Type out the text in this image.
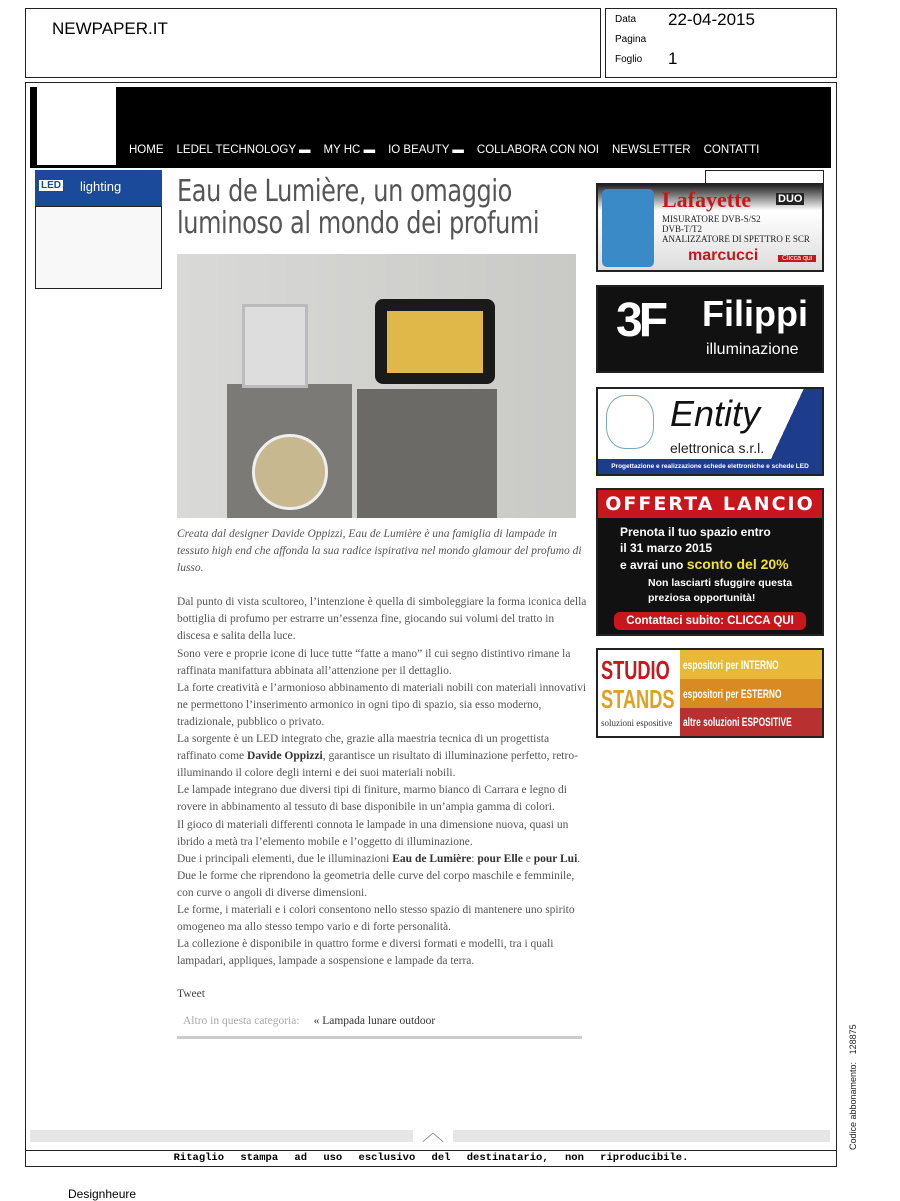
NEWPAPER.IT	Data 22-04-2015
Pagina
Foglio 1
HOME LEDEL TECHNOLOGY ▬ MY HC ▬ IO BEAUTY ▬ COLLABORA CON NOI NEWSLETTER CONTATTI
LED lighting Eau de Lumière, un omaggio luminoso al mondo dei profumi
Creata dal designer Davide Oppizzi, Eau de Lumière è una famiglia di lampade in tessuto high end che affonda la sua radice ispirativa nel mondo glamour del profumo di lusso.
Dal punto di vista scultoreo, l’intenzione è quella di simboleggiare la forma iconica della bottiglia di profumo per estrarre un’essenza fine, giocando sui volumi del tratto in discesa e salita della luce.
Sono vere e proprie icone di luce tutte “fatte a mano” il cui segno distintivo rimane la raffinata manifattura abbinata all’attenzione per il dettaglio.
La forte creatività e l’armonioso abbinamento di materiali nobili con materiali innovativi ne permettono l’inserimento armonico in ogni tipo di spazio, sia esso moderno, tradizionale, pubblico o privato.
La sorgente è un LED integrato che, grazie alla maestria tecnica di un progettista raffinato come Davide Oppizzi, garantisce un risultato di illuminazione perfetto, retro-illuminando il colore degli interni e dei suoi materiali nobili.
Le lampade integrano due diversi tipi di finiture, marmo bianco di Carrara e legno di rovere in abbinamento al tessuto di base disponibile in un’ampia gamma di colori.
Il gioco di materiali differenti connota le lampade in una dimensione nuova, quasi un ibrido a metà tra l’elemento mobile e l’oggetto di illuminazione.
Due i principali elementi, due le illuminazioni Eau de Lumière: pour Elle e pour Lui.
Due le forme che riprendono la geometria delle curve del corpo maschile e femminile, con curve o angoli di diverse dimensioni.
Le forme, i materiali e i colori consentono nello stesso spazio di mantenere uno spirito omogeneo ma allo stesso tempo vario e di forte personalità.
La collezione è disponibile in quattro forme e diversi formati e modelli, tra i quali lampadari, appliques, lampade a sospensione e lampade da terra.
Tweet
Altro in questa categoria: « Lampada lunare outdoor
Lafayette DUO
MISURATORE DVB-S/S2
DVB-T/T2
ANALIZZATORE DI SPETTRO E SCR
marcucci	Clicca qui
3F Filippi
illuminazione
Entity
elettronica s.r.l.
Progettazione e realizzazione schede elettroniche e schede LED
OFFERTA LANCIO
Prenota il tuo spazio entro
il 31 marzo 2015
e avrai uno sconto del 20%
Non lasciarti sfuggire questa
preziosa opportunità!
Contattaci subito: CLICCA QUI
STUDIO
STANDS
soluzioni espositive
espositori per INTERNO
espositori per ESTERNO
altre soluzioni ESPOSITIVE
︿
Ritaglio stampa ad uso esclusivo del destinatario, non riproducibile.
Codice abbonamento:   128875
Designheure
